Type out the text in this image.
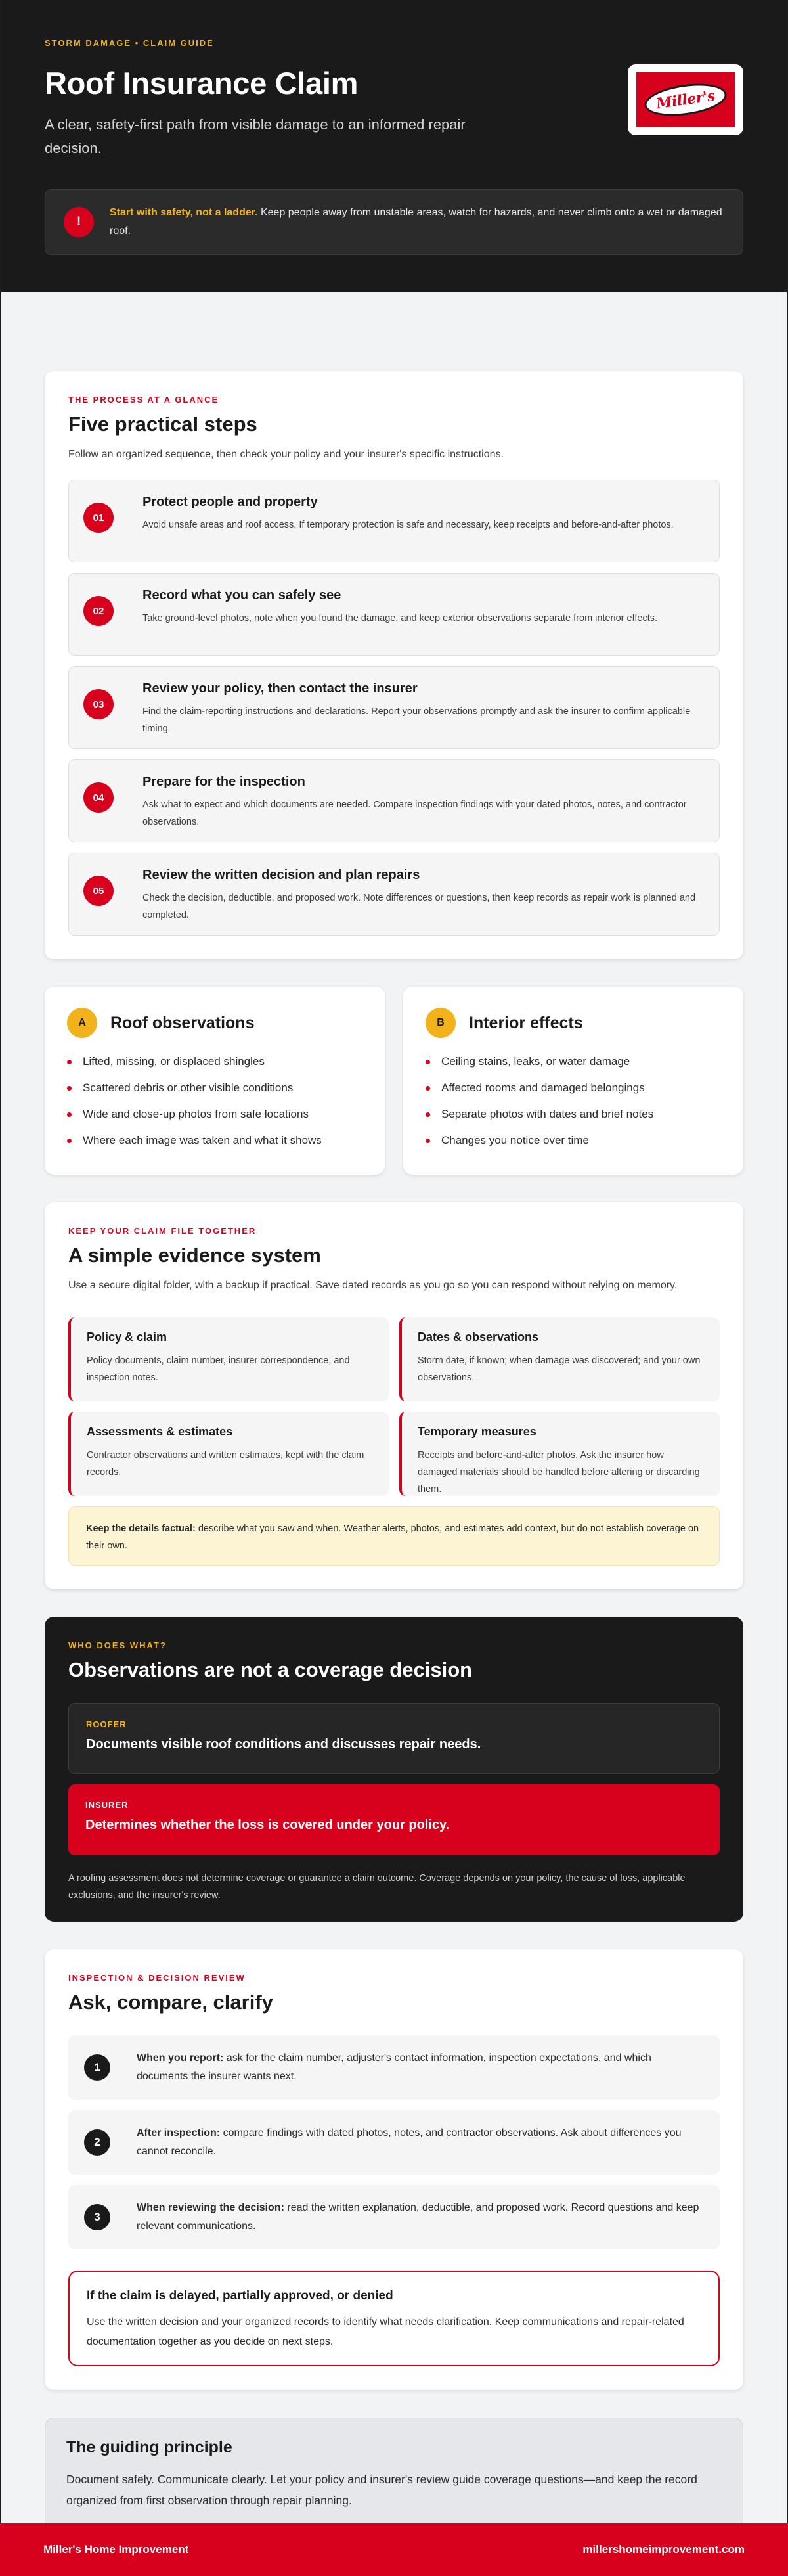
STORM DAMAGE • CLAIM GUIDE
Roof Insurance Claim

A clear, safety-first path from visible damage to an informed repair decision.

Miller's
!

Start with safety, not a ladder. Keep people away from unstable areas, watch for hazards, and never climb onto a wet or damaged roof.

THE PROCESS AT A GLANCE
Five practical steps

Follow an organized sequence, then check your policy and your insurer's specific instructions.

01
Protect people and property

Avoid unsafe areas and roof access. If temporary protection is safe and necessary, keep receipts and before-and-after photos.

02
Record what you can safely see

Take ground-level photos, note when you found the damage, and keep exterior observations separate from interior effects.

03
Review your policy, then contact the insurer

Find the claim-reporting instructions and declarations. Report your observations promptly and ask the insurer to confirm applicable timing.

04
Prepare for the inspection

Ask what to expect and which documents are needed. Compare inspection findings with your dated photos, notes, and contractor observations.

05
Review the written decision and plan repairs

Check the decision, deductible, and proposed work. Note differences or questions, then keep records as repair work is planned and completed.

A	Roof observations
Lifted, missing, or displaced shingles
Scattered debris or other visible conditions
Wide and close-up photos from safe locations
Where each image was taken and what it shows
B	Interior effects
Ceiling stains, leaks, or water damage
Affected rooms and damaged belongings
Separate photos with dates and brief notes
Changes you notice over time
KEEP YOUR CLAIM FILE TOGETHER
A simple evidence system

Use a secure digital folder, with a backup if practical. Save dated records as you go so you can respond without relying on memory.

Policy & claim

Policy documents, claim number, insurer correspondence, and inspection notes.

Dates & observations

Storm date, if known; when damage was discovered; and your own observations.

Assessments & estimates

Contractor observations and written estimates, kept with the claim records.

Temporary measures

Receipts and before-and-after photos. Ask the insurer how damaged materials should be handled before altering or discarding them.

Keep the details factual: describe what you saw and when. Weather alerts, photos, and estimates add context, but do not establish coverage on their own.
WHO DOES WHAT?
Observations are not a coverage decision
ROOFER
Documents visible roof conditions and discusses repair needs.
INSURER
Determines whether the loss is covered under your policy.

A roofing assessment does not determine coverage or guarantee a claim outcome. Coverage depends on your policy, the cause of loss, applicable exclusions, and the insurer's review.

INSPECTION & DECISION REVIEW
Ask, compare, clarify
1

When you report: ask for the claim number, adjuster's contact information, inspection expectations, and which documents the insurer wants next.

2

After inspection: compare findings with dated photos, notes, and contractor observations. Ask about differences you cannot reconcile.

3

When reviewing the decision: read the written explanation, deductible, and proposed work. Record questions and keep relevant communications.

If the claim is delayed, partially approved, or denied

Use the written decision and your organized records to identify what needs clarification. Keep communications and repair-related documentation together as you decide on next steps.

The guiding principle

Document safely. Communicate clearly. Let your policy and insurer's review guide coverage questions—and keep the record organized from first observation through repair planning.

Miller's Home Improvement	millershomeimprovement.com
